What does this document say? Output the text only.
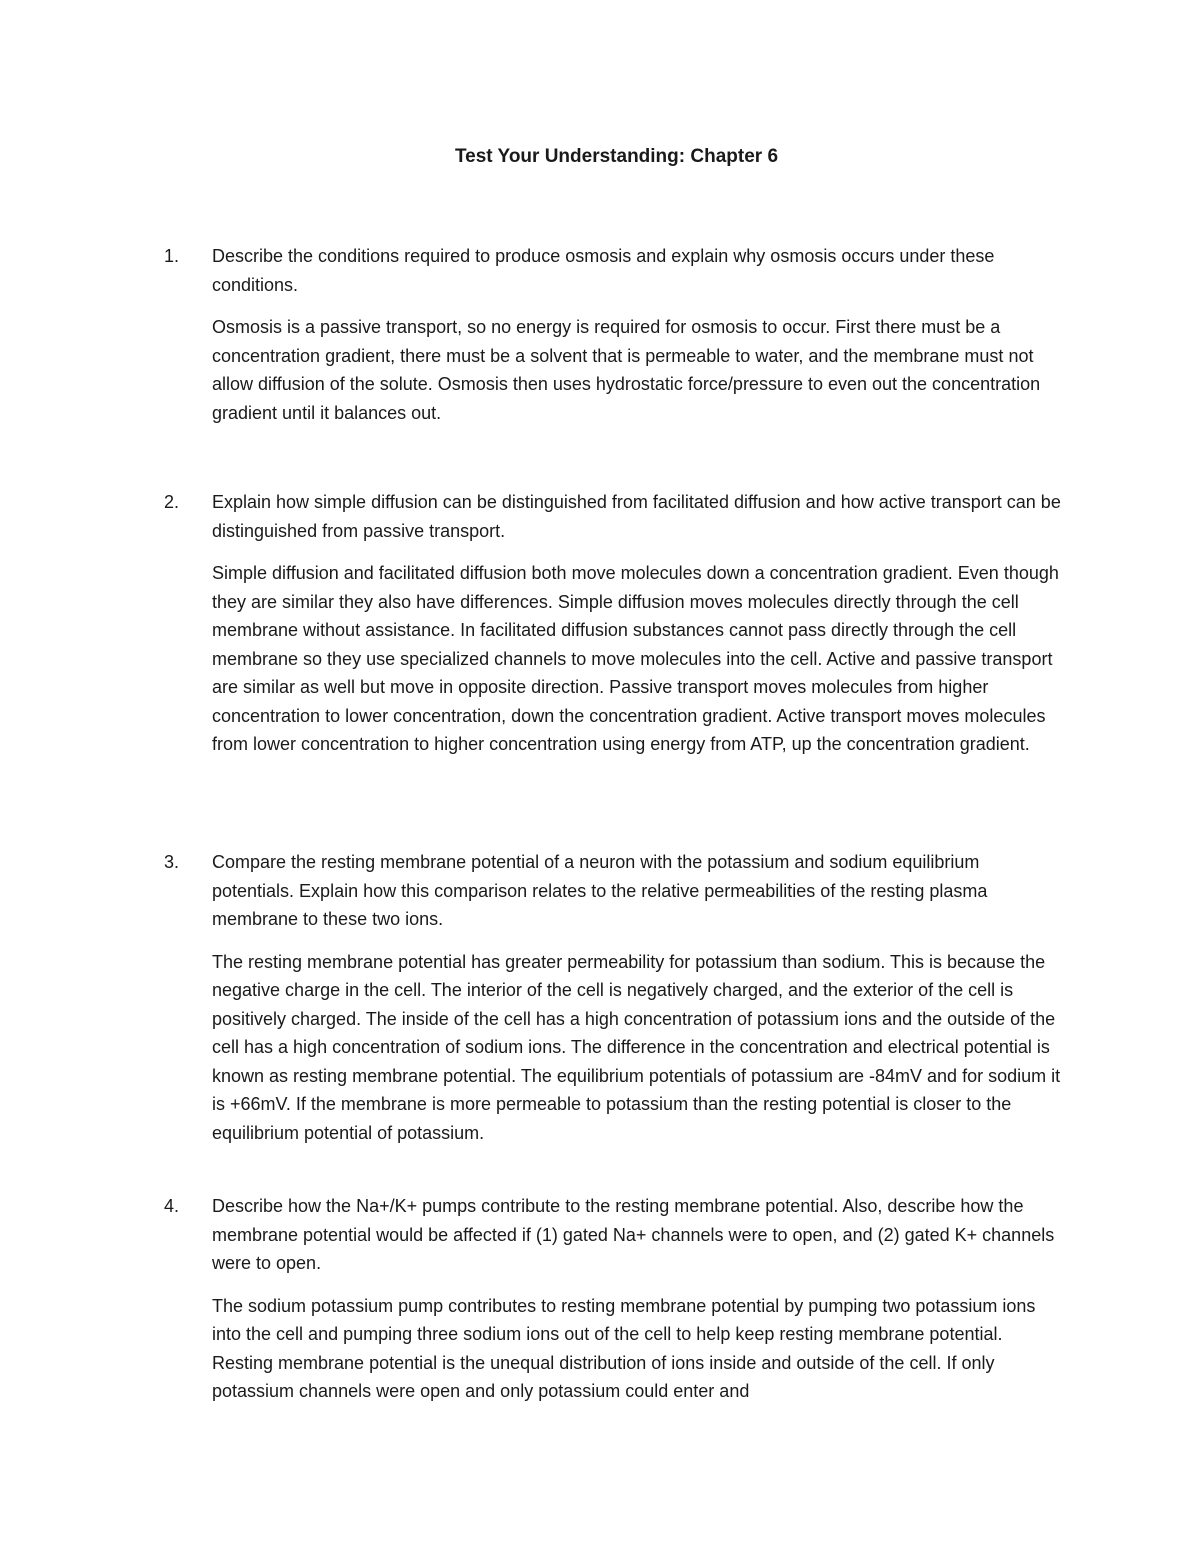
Test Your Understanding: Chapter 6
1.	Describe the conditions required to produce osmosis and explain why osmosis occurs under these conditions.

Osmosis is a passive transport, so no energy is required for osmosis to occur. First there must be a concentration gradient, there must be a solvent that is permeable to water, and the membrane must not allow diffusion of the solute. Osmosis then uses hydrostatic force/pressure to even out the concentration gradient until it balances out.

2.	Explain how simple diffusion can be distinguished from facilitated diffusion and how active transport can be distinguished from passive transport.

Simple diffusion and facilitated diffusion both move molecules down a concentration gradient. Even though they are similar they also have differences. Simple diffusion moves molecules directly through the cell membrane without assistance. In facilitated diffusion substances cannot pass directly through the cell membrane so they use specialized channels to move molecules into the cell. Active and passive transport are similar as well but move in opposite direction. Passive transport moves molecules from higher concentration to lower concentration, down the concentration gradient. Active transport moves molecules from lower concentration to higher concentration using energy from ATP, up the concentration gradient.

3.	Compare the resting membrane potential of a neuron with the potassium and sodium equilibrium potentials. Explain how this comparison relates to the relative permeabilities of the resting plasma membrane to these two ions.

The resting membrane potential has greater permeability for potassium than sodium. This is because the negative charge in the cell. The interior of the cell is negatively charged, and the exterior of the cell is positively charged. The inside of the cell has a high concentration of potassium ions and the outside of the cell has a high concentration of sodium ions. The difference in the concentration and electrical potential is known as resting membrane potential. The equilibrium potentials of potassium are -84mV and for sodium it is +66mV. If the membrane is more permeable to potassium than the resting potential is closer to the equilibrium potential of potassium.

4.	Describe how the Na+/K+ pumps contribute to the resting membrane potential. Also, describe how the membrane potential would be affected if (1) gated Na+ channels were to open, and (2) gated K+ channels were to open.

The sodium potassium pump contributes to resting membrane potential by pumping two potassium ions into the cell and pumping three sodium ions out of the cell to help keep resting membrane potential. Resting membrane potential is the unequal distribution of ions inside and outside of the cell. If only potassium channels were open and only potassium could enter and
